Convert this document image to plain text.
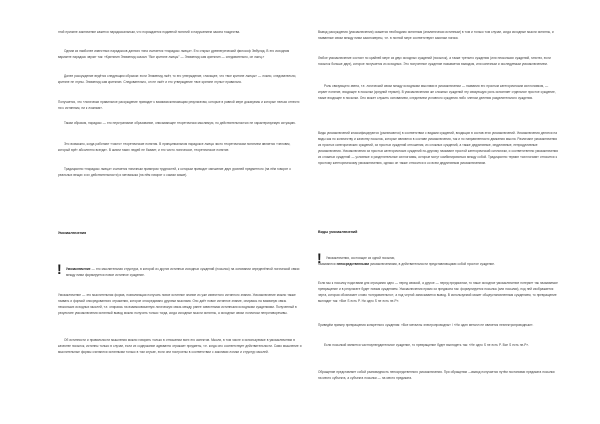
этой причине заключение кажется парадоксальным, что порождается подменой понятий и нарушением закона тождества.

Одним из наиболее известных парадоксов данного типа считается «парадокс лжеца». Его открыл древнегреческий философ Эвбулид. В его исходном варианте парадокс звучит так: «Критянин Эпименид сказал: "Все критяне лжецы" — Эпименид сам критянин — следовательно, он лжец.»

Далее рассуждение ведётся следующим образом: если Эпименид лжёт, то его утверждение, гласящее, что «все критяне лжецы» — ложно, следовательно, критяне не лгуны. Эпименид сам критянин. Следовательно, он не лжёт и его утверждение «все критяне лгуны» правильно.

Получается, что «логически правильное рассуждение приводит к взаимоисключающим результатам, которые в равной мере доказуемы и которые нельзя отнести ни к истинным, ни к ложным».

Таким образом, парадокс — это неустранимое образование, описывающее теоретически мыслимую, но действительностью не характеризуемую ситуацию.

Это возможно, когда работают «чисто» теоретические понятия. В принципиальном парадоксе лжеца чисто теоретическим понятием является «человек, который врёт абсолютно всегда». В жизни таких людей не бывает, и это чисто логическое, теоретическое понятие.

Традиционно «парадокс лжеца» считается типичным примером трудностей, к которым приводит смешение двух уровней предметного (на нём говорят о реальных вещах и их действительности) и метаязыка (на нём говорят о самом языке).

Умозаключения

! Умозаключение — это мыслительная структура, в которой из других истинных исходных суждений (посылок) на основании определённой логической связи между ними формируется новое истинное суждение.

Умозаключение — это мыслительная форма, позволяющая получать новое истинное знание из уже известного истинного знания. Умозаключение можно также назвать и формой опосредованного отражения, которое опосредовано другими мыслями. Оно даёт новое истинное знание, опираясь на взаимную связь нескольких исходных мыслей, т.е. опираясь на взаимосвязанную логическую связь между ранее известными истинными исходными суждениями. Полученный в результате умозаключения истинный вывод можно получить только тогда, когда исходные мысли истинны, а исходные связи логически непротиворечивы.

Об истинности и правильности мышления можно говорить только в отношении всех его аспектов. Мысли, в том числе и используемые в умозаключении в качестве посылок, истинны только в случае, если их содержание адекватно отражает предметы, т.е. когда оно соответствует действительности. Само мышление и мыслительные формы считаются истинными только в том случае, если они построены в соответствии с законами логики и структур мыслей.

Вывод рассуждения (умозаключения) окажется необходимо истинным (аналитически истинным) в том и только том случае, когда исходные мысли истинны, и названные связи между ними закономерны, т.е. в полной мере соответствуют законам логики.

Любое умозаключение состоит по крайней мере из двух исходных суждений (посылок), а также третьего суждения (или нескольких суждений, гипотез, если посылок больше двух), которое получается из исходных. Это полученное суждение называется выводом, или конечным и исследуемым умозаключением.

Роль связующего звена, т.е. логический связи между исходными мыслями в умозаключении — названия его простым категорическим силлогизмом, — играет понятие, входящее в посылки (средний термин). В умозаключениях же сложных суждений эту связующую роль исполняет отдельное простое суждение, также входящее в посылки. Оно может служить основанием, следствием условного суждения либо членом деления разделительного суждения.

Виды умозаключений классифицируются (различаются) в соответствии с видами суждений, входящих в состав этих умозаключений. Умозаключения делятся на виды как по количеству и качеству посылок, которые являются в составе умозаключения, так и по направленности движения мысли. Различают умозаключения из простых категорических суждений, из простых суждений отношения, из сложных суждений, а также дедуктивные, индуктивные, непродуктивные умозаключения. Умозаключения из простых категорических суждений по-другому называют простой категорический силлогизм, и соответственно умозаключения из сложных суждений — условные и разделительные силлогизмы, которые могут комбинироваться между собой. Традиционно термин «силлогизм» относится к простому категорическому умозаключению, однако он также относится и ко всем дедуктивным умозаключениям.

Виды умозаключений

! Умозаключения, состоящие из одной посылки,

называются непосредственными умозаключениями, в действительности представляющими собой простое суждение.

Если мы к посылку подставим для отрицания одно — перед связкой, а другое — перед предикатом, то наше исходное умозаключение потеряет так называемое превращение и в результате будет новым суждением. Умозаключения прямо из предиката так: формулируется посылка (или посылки), под ней изображается черта, которая обозначает слово «следовательно», а под чертой записывается вывод. В используемой может общеустановленным суждением, то превращение выглядит так: «Все S есть P. Ни одно S не есть не-P».

Приведём пример превращения конкретного суждения: «Все металлы электропроводны» / «Ни один металл не является неэлектропроводным».

Если посылкой является частноутвердительное суждение, то превращение будет выглядеть так: «Не одно S не есть P. Все S есть не-P».

Обращение представляет собой разновидность непосредственного умозаключения. При обращении —вывод получается путём постановки предиката посылки на место субъекта, а субъекта посылки — на место предиката.
